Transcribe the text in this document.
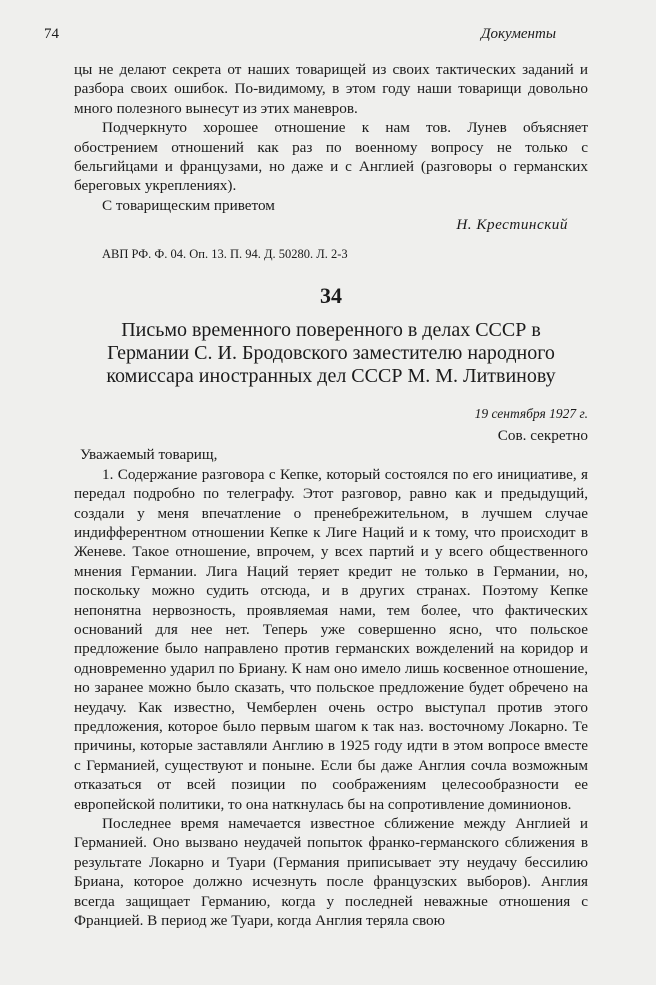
74	Документы

цы не делают секрета от наших товарищей из своих тактических заданий и разбора своих ошибок. По-видимому, в этом году наши товарищи довольно много полезного вынесут из этих маневров.

Подчеркнуто хорошее отношение к нам тов. Лунев объясняет обострением отношений как раз по военному вопросу не только с бельгийцами и французами, но даже и с Англией (разговоры о германских береговых укреплениях).

С товарищеским приветом

Н. Крестинский

АВП РФ. Ф. 04. Оп. 13. П. 94. Д. 50280. Л. 2-3
34
Письмо временного поверенного в делах СССР в Германии С. И. Бродовского заместителю народного комиссара иностранных дел СССР М. М. Литвинову
19 сентября 1927 г.

Сов. секретно

Уважаемый товарищ,

1. Содержание разговора с Кепке, который состоялся по его инициативе, я передал подробно по телеграфу. Этот разговор, равно как и предыдущий, создали у меня впечатление о пренебрежительном, в лучшем случае индифферентном отношении Кепке к Лиге Наций и к тому, что происходит в Женеве. Такое отношение, впрочем, у всех партий и у всего общественного мнения Германии. Лига Наций теряет кредит не только в Германии, но, поскольку можно судить отсюда, и в других странах. Поэтому Кепке непонятна нервозность, проявляемая нами, тем более, что фактических оснований для нее нет. Теперь уже совершенно ясно, что польское предложение было направлено против германских вожделений на коридор и одновременно ударил по Бриану. К нам оно имело лишь косвенное отношение, но заранее можно было сказать, что польское предложение будет обречено на неудачу. Как известно, Чемберлен очень остро выступал против этого предложения, которое было первым шагом к так наз. восточному Локарно. Те причины, которые заставляли Англию в 1925 году идти в этом вопросе вместе с Германией, существуют и поныне. Если бы даже Англия сочла возможным отказаться от всей позиции по соображениям целесообразности ее европейской политики, то она наткнулась бы на сопротивление доминионов.

Последнее время намечается известное сближение между Англией и Германией. Оно вызвано неудачей попыток франко-германского сближения в результате Локарно и Туари (Германия приписывает эту неудачу бессилию Бриана, которое должно исчезнуть после французских выборов). Англия всегда защищает Германию, когда у последней неважные отношения с Францией. В период же Туари, когда Англия теряла свою
